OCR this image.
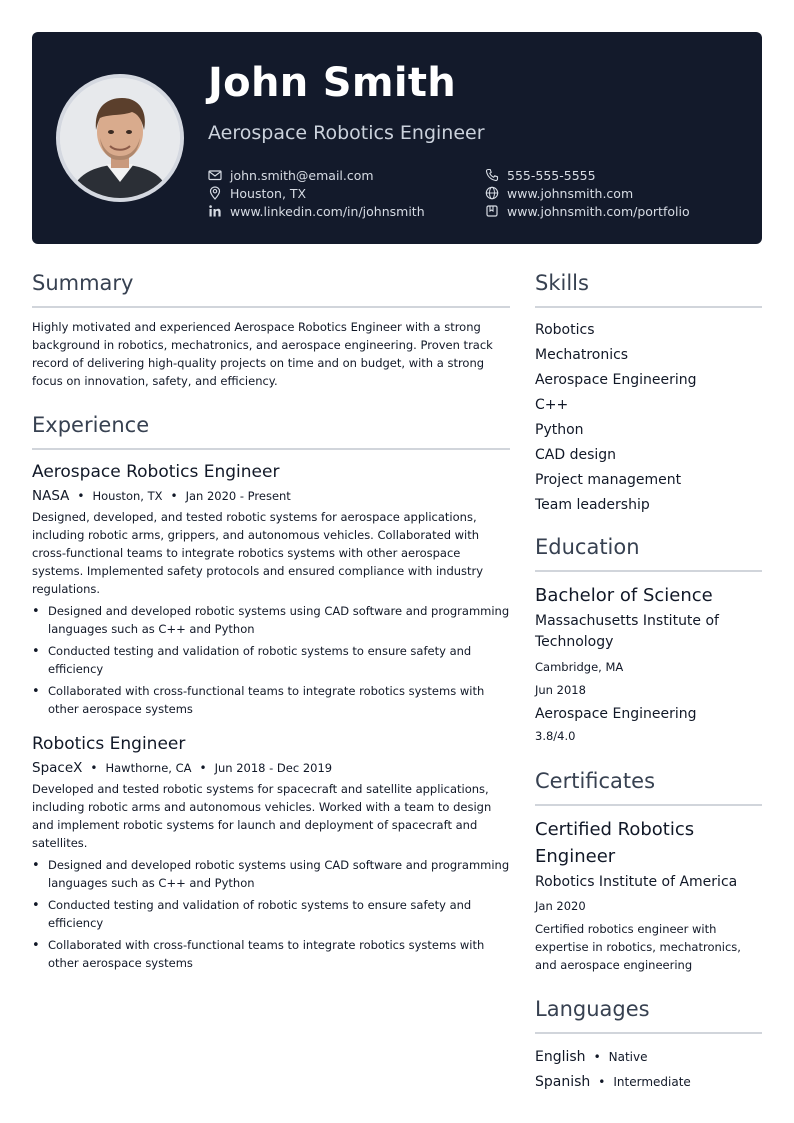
John Smith
Aerospace Robotics Engineer
john.smith@email.com	555-555-5555
Houston, TX	www.johnsmith.com
www.linkedin.com/in/johnsmith	www.johnsmith.com/portfolio
Summary

Highly motivated and experienced Aerospace Robotics Engineer with a strong background in robotics, mechatronics, and aerospace engineering. Proven track record of delivering high-quality projects on time and on budget, with a strong focus on innovation, safety, and efficiency.

Experience
Aerospace Robotics Engineer
NASA • Houston, TX • Jan 2020 - Present

Designed, developed, and tested robotic systems for aerospace applications, including robotic arms, grippers, and autonomous vehicles. Collaborated with cross-functional teams to integrate robotics systems with other aerospace systems. Implemented safety protocols and ensured compliance with industry regulations.

• Designed and developed robotic systems using CAD software and programming languages such as C++ and Python
• Conducted testing and validation of robotic systems to ensure safety and efficiency
• Collaborated with cross-functional teams to integrate robotics systems with other aerospace systems
Robotics Engineer
SpaceX • Hawthorne, CA • Jun 2018 - Dec 2019

Developed and tested robotic systems for spacecraft and satellite applications, including robotic arms and autonomous vehicles. Worked with a team to design and implement robotic systems for launch and deployment of spacecraft and satellites.

• Designed and developed robotic systems using CAD software and programming languages such as C++ and Python
• Conducted testing and validation of robotic systems to ensure safety and efficiency
• Collaborated with cross-functional teams to integrate robotics systems with other aerospace systems
Skills
Robotics
Mechatronics
Aerospace Engineering
C++
Python
CAD design
Project management
Team leadership
Education
Bachelor of Science
Massachusetts Institute of Technology
Cambridge, MA
Jun 2018
Aerospace Engineering
3.8/4.0
Certificates
Certified Robotics Engineer
Robotics Institute of America
Jan 2020
Certified robotics engineer with expertise in robotics, mechatronics, and aerospace engineering
Languages
English • Native
Spanish • Intermediate
